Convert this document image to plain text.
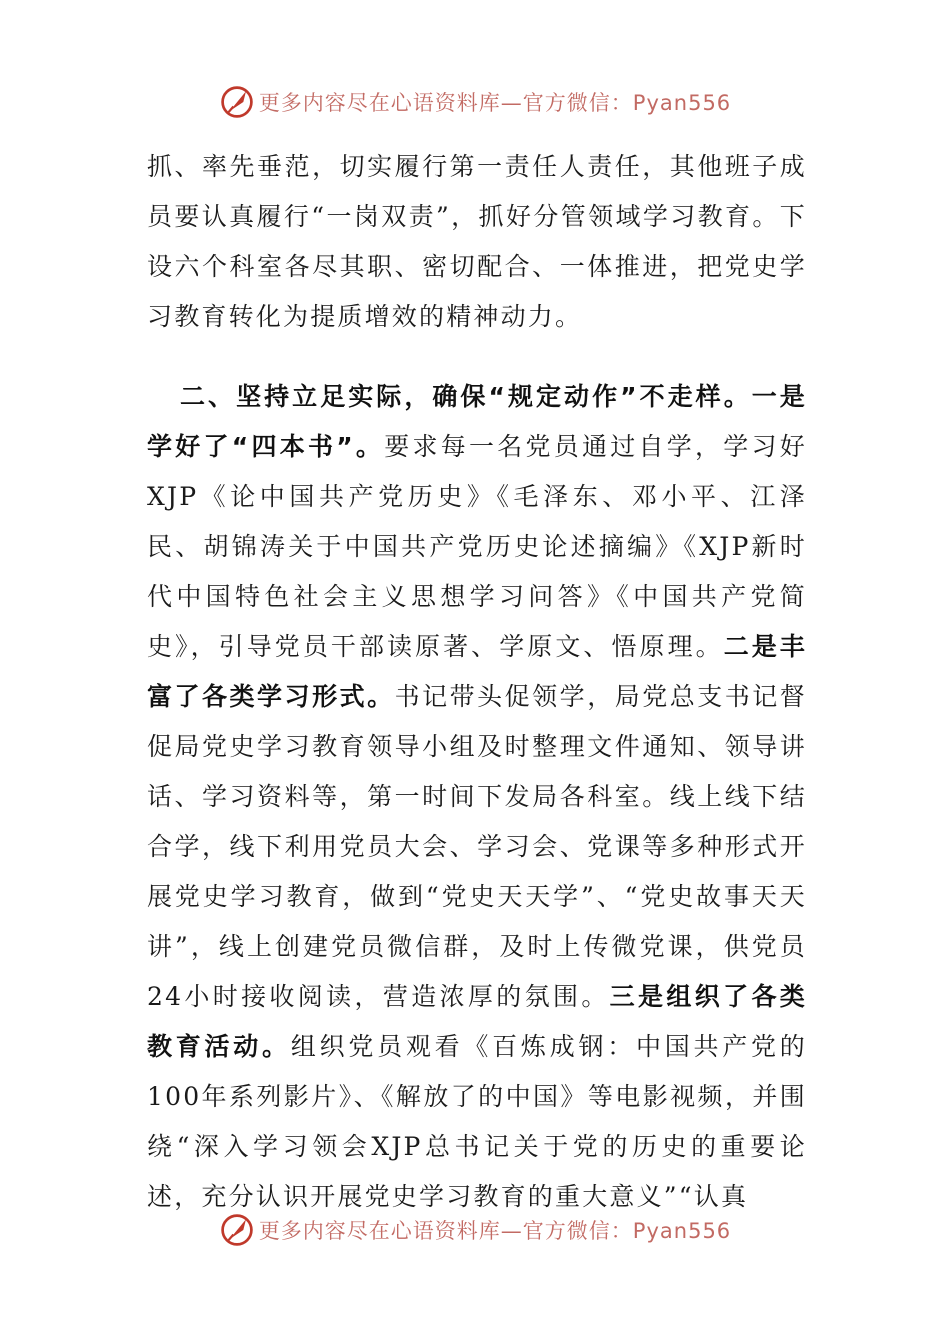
更多内容尽在心语资料库—官方微信：Pyan556

抓、率先垂范，切实履行第一责任人责任，其他班子成员要认真履行“一岗双责”，抓好分管领域学习教育。下设六个科室各尽其职、密切配合、一体推进，把党史学习教育转化为提质增效的精神动力。

二、坚持立足实际，确保“规定动作”不走样。一是学好了“四本书”。要求每一名党员通过自学，学习好XJP《论中国共产党历史》《毛泽东、邓小平、江泽民、胡锦涛关于中国共产党历史论述摘编》《XJP新时代中国特色社会主义思想学习问答》《中国共产党简史》，引导党员干部读原著、学原文、悟原理。二是丰富了各类学习形式。书记带头促领学，局党总支书记督促局党史学习教育领导小组及时整理文件通知、领导讲话、学习资料等，第一时间下发局各科室。线上线下结合学，线下利用党员大会、学习会、党课等多种形式开展党史学习教育，做到“党史天天学”、“党史故事天天讲”，线上创建党员微信群，及时上传微党课，供党员24小时接收阅读，营造浓厚的氛围。三是组织了各类教育活动。组织党员观看《百炼成钢：中国共产党的100年系列影片》、《解放了的中国》等电影视频，并围绕“深入学习领会XJP总书记关于党的历史的重要论述，充分认识开展党史学习教育的重大意义”“认真

更多内容尽在心语资料库—官方微信：Pyan556
